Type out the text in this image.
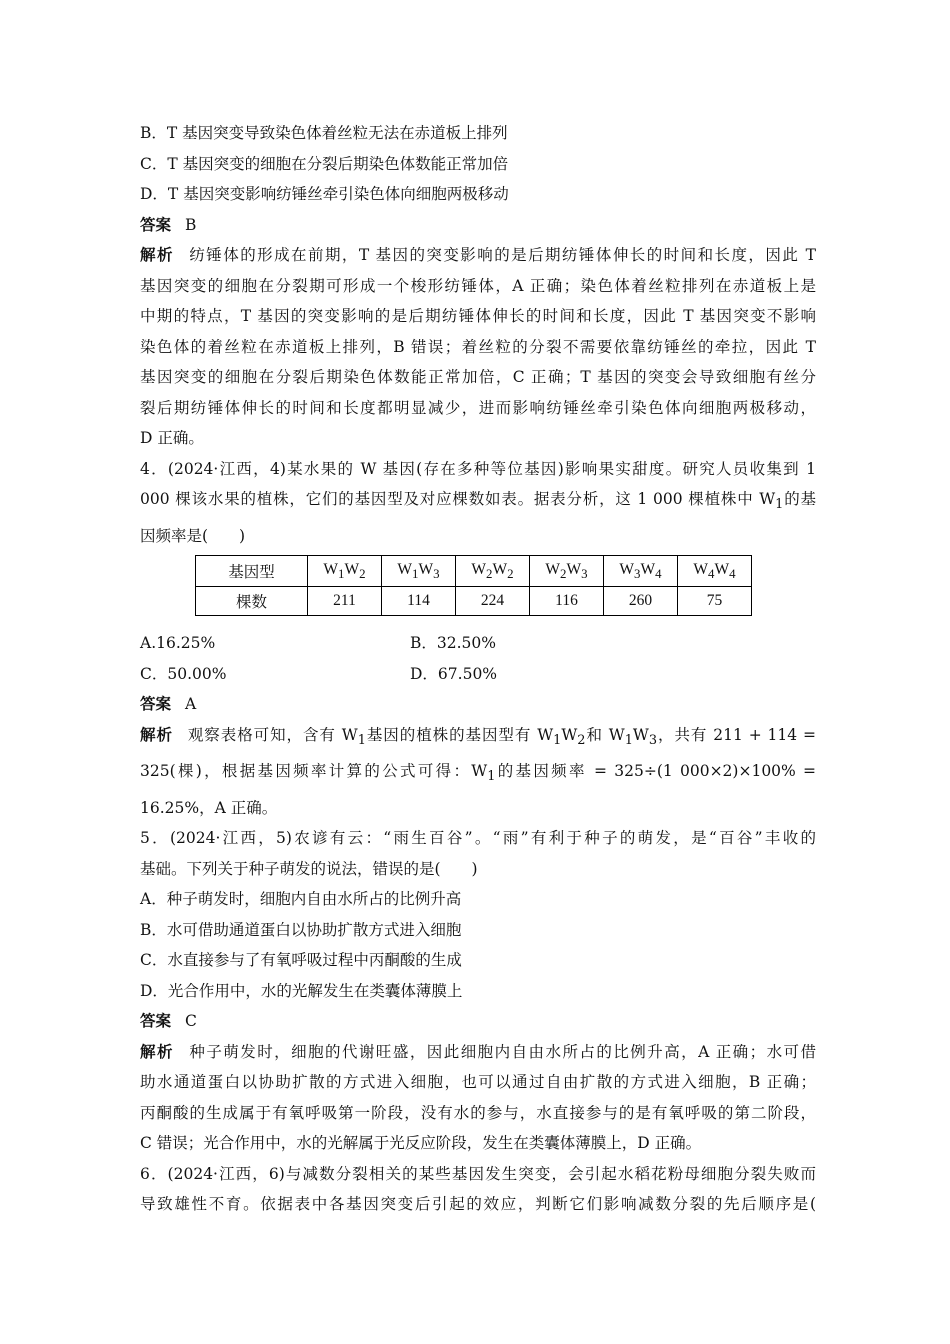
B．T 基因突变导致染色体着丝粒无法在赤道板上排列
C．T 基因突变的细胞在分裂后期染色体数能正常加倍
D．T 基因突变影响纺锤丝牵引染色体向细胞两极移动
答案 B
解析 纺锤体的形成在前期，T 基因的突变影响的是后期纺锤体伸长的时间和长度，因此 T
基因突变的细胞在分裂期可形成一个梭形纺锤体，A 正确；染色体着丝粒排列在赤道板上是
中期的特点，T 基因的突变影响的是后期纺锤体伸长的时间和长度，因此 T 基因突变不影响
染色体的着丝粒在赤道板上排列，B 错误；着丝粒的分裂不需要依靠纺锤丝的牵拉，因此 T
基因突变的细胞在分裂后期染色体数能正常加倍，C 正确；T 基因的突变会导致细胞有丝分
裂后期纺锤体伸长的时间和长度都明显减少，进而影响纺锤丝牵引染色体向细胞两极移动，
D 正确。
4．(2024·江西，4)某水果的 W 基因(存在多种等位基因)影响果实甜度。研究人员收集到 1
000 棵该水果的植株，它们的基因型及对应棵数如表。据表分析，这 1 000 棵植株中 $W_1$的基
因频率是(　　)
基因型	$W_1W_2$	$W_1W_3$	$W_2W_2$	$W_2W_3$	$W_3W_4$	$W_4W_4$
棵数	211	114	224	116	260	75
A.16.25%	B．32.50%
C．50.00%	D．67.50%
答案 A
解析 观察表格可知，含有 $W_1$基因的植株的基因型有 $W_1W_2$和 $W_1W_3$，共有 211 + 114 =
325(棵)，根据基因频率计算的公式可得：$W_1$的基因频率 = 325÷(1 000×2)×100% =
16.25%，A 正确。
5．(2024·江西，5)农谚有云：“雨生百谷”。“雨”有利于种子的萌发，是“百谷”丰收的
基础。下列关于种子萌发的说法，错误的是(　　)
A．种子萌发时，细胞内自由水所占的比例升高
B．水可借助通道蛋白以协助扩散方式进入细胞
C．水直接参与了有氧呼吸过程中丙酮酸的生成
D．光合作用中，水的光解发生在类囊体薄膜上
答案 C
解析 种子萌发时，细胞的代谢旺盛，因此细胞内自由水所占的比例升高，A 正确；水可借
助水通道蛋白以协助扩散的方式进入细胞，也可以通过自由扩散的方式进入细胞，B 正确；
丙酮酸的生成属于有氧呼吸第一阶段，没有水的参与，水直接参与的是有氧呼吸的第二阶段，
C 错误；光合作用中，水的光解属于光反应阶段，发生在类囊体薄膜上，D 正确。
6．(2024·江西，6)与减数分裂相关的某些基因发生突变，会引起水稻花粉母细胞分裂失败而
导致雄性不育。依据表中各基因突变后引起的效应，判断它们影响减数分裂的先后顺序是(
